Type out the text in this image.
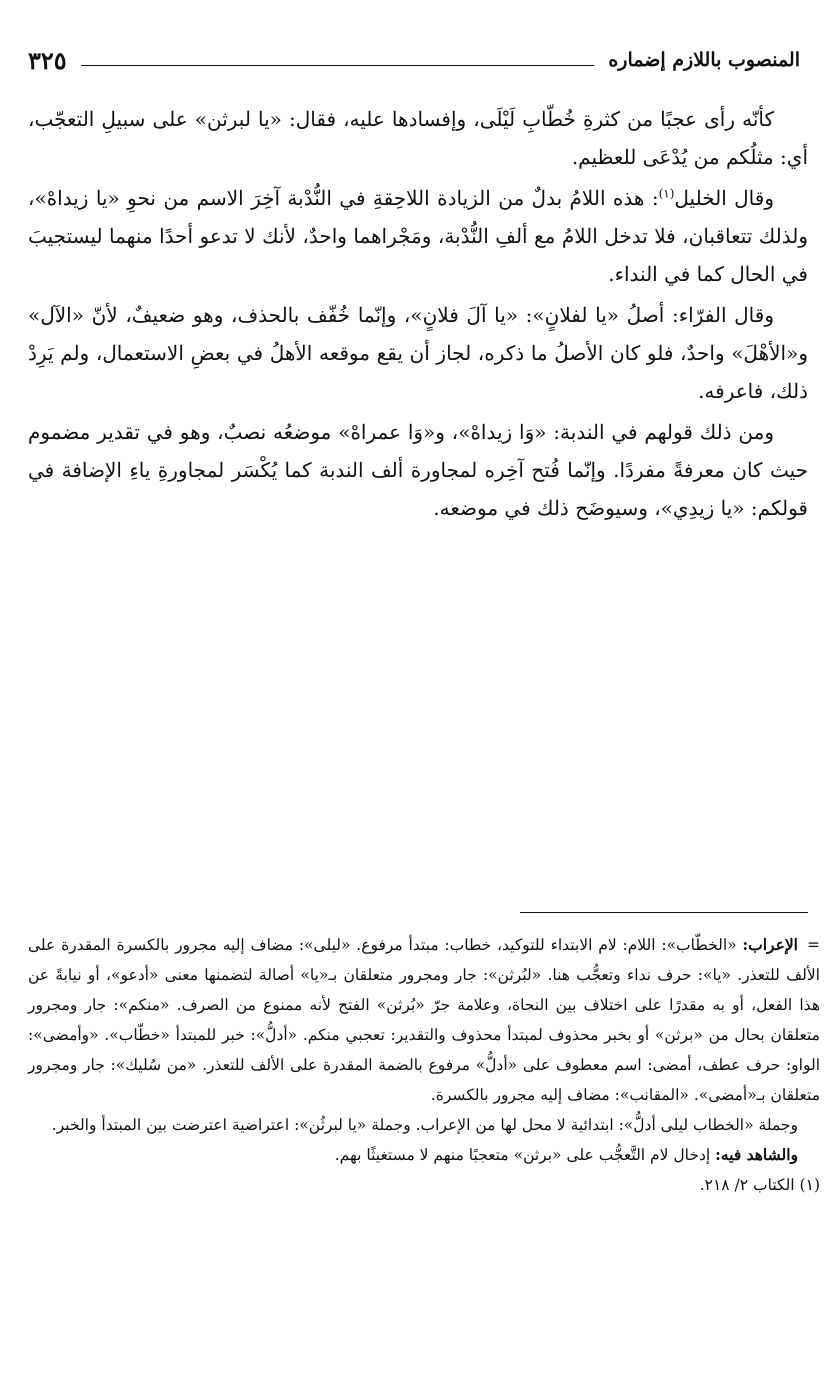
المنصوب باللازم إضماره
٣٢٥

كأنّه رأى عجبًا من كثرةِ خُطّابِ لَيْلَى، وإفسادها عليه، فقال: «يا لبرثن» على سبيلِ التعجّب، أي: مثلُكم من يُدْعَى للعظيم.

وقال الخليل$^{(١)}$: هذه اللامُ بدلٌ من الزيادة اللاحِقةِ في النُّدْبة آخِرَ الاسم من نحوِ «يا زيداهْ»، ولذلك تتعاقبان، فلا تدخل اللامُ مع ألفِ النُّدْبة، ومَجْراهما واحدٌ، لأنك لا تدعو أحدًا منهما ليستجيبَ في الحال كما في النداء.

وقال الفرّاء: أصلُ «يا لفلانٍ»: «يا آلَ فلانٍ»، وإنّما خُفّف بالحذف، وهو ضعيفٌ، لأنّ «الآل» و«الأهْلَ» واحدٌ، فلو كان الأصلُ ما ذكره، لجاز أن يقع موقعه الأهلُ في بعضِ الاستعمال، ولم يَرِدْ ذلك، فاعرفه.

ومن ذلك قولهم في الندبة: «وَا زيداهْ»، و«وَا عمراهْ» موضعُه نصبٌ، وهو في تقدير مضموم حيث كان معرفةً مفردًا. وإنّما فُتح آخِره لمجاورة ألف الندبة كما يُكْسَر لمجاورةِ ياءِ الإضافة في قولكم: «يا زيدِي»، وسيوضَح ذلك في موضعه.

=الإعراب: «الخطّاب»: اللام: لام الابتداء للتوكيد، خطاب: مبتدأ مرفوع. «ليلى»: مضاف إليه مجرور بالكسرة المقدرة على الألف للتعذر. «يا»: حرف نداء وتعجُّب هنا. «لبُرثن»: جار ومجرور متعلقان بـ«يا» أصالة لتضمنها معنى «أدعو»، أو نيابةً عن هذا الفعل، أو به مقدرًا على اختلاف بين النحاة، وعلامة جرّ «بُرثن» الفتح لأنه ممنوع من الصرف. «منكم»: جار ومجرور متعلقان بحال من «برثن» أو بخبر محذوف لمبتدأ محذوف والتقدير: تعجبي منكم. «أدلُّ»: خبر للمبتدأ «خطّاب». «وأمضى»: الواو: حرف عطف، أمضى: اسم معطوف على «أدلُّ» مرفوع بالضمة المقدرة على الألف للتعذر. «من سُليك»: جار ومجرور متعلقان بـ«أمضى». «المقانب»: مضاف إليه مجرور بالكسرة.

وجملة «الخطاب ليلى أدلُّ»: ابتدائية لا محل لها من الإعراب. وجملة «يا لبرثُن»: اعتراضية اعترضت بين المبتدأ والخبر.

والشاهد فيه: إدخال لام التَّعجُّب على «برثن» متعجبًا منهم لا مستغيثًا بهم.

(١) الكتاب ٢/ ٢١٨.
